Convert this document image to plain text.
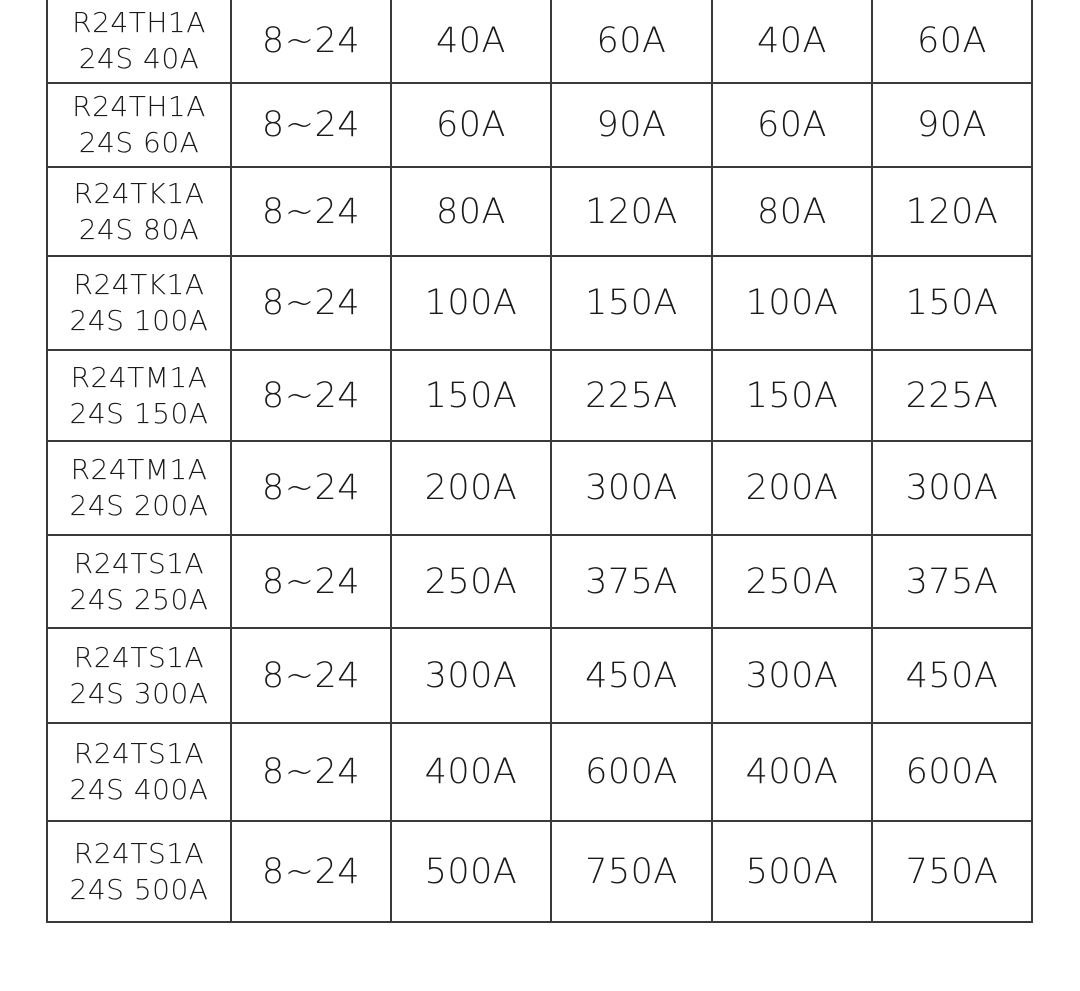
R24TH1A
24S 40A	8~24	40A	60A	40A	60A

R24TH1A
24S 60A	8~24	60A	90A	60A	90A

R24TK1A
24S 80A	8~24	80A	120A	80A	120A

R24TK1A
24S 100A	8~24	100A	150A	100A	150A

R24TM1A
24S 150A	8~24	150A	225A	150A	225A

R24TM1A
24S 200A	8~24	200A	300A	200A	300A

R24TS1A
24S 250A	8~24	250A	375A	250A	375A

R24TS1A
24S 300A	8~24	300A	450A	300A	450A

R24TS1A
24S 400A	8~24	400A	600A	400A	600A

R24TS1A
24S 500A	8~24	500A	750A	500A	750A
